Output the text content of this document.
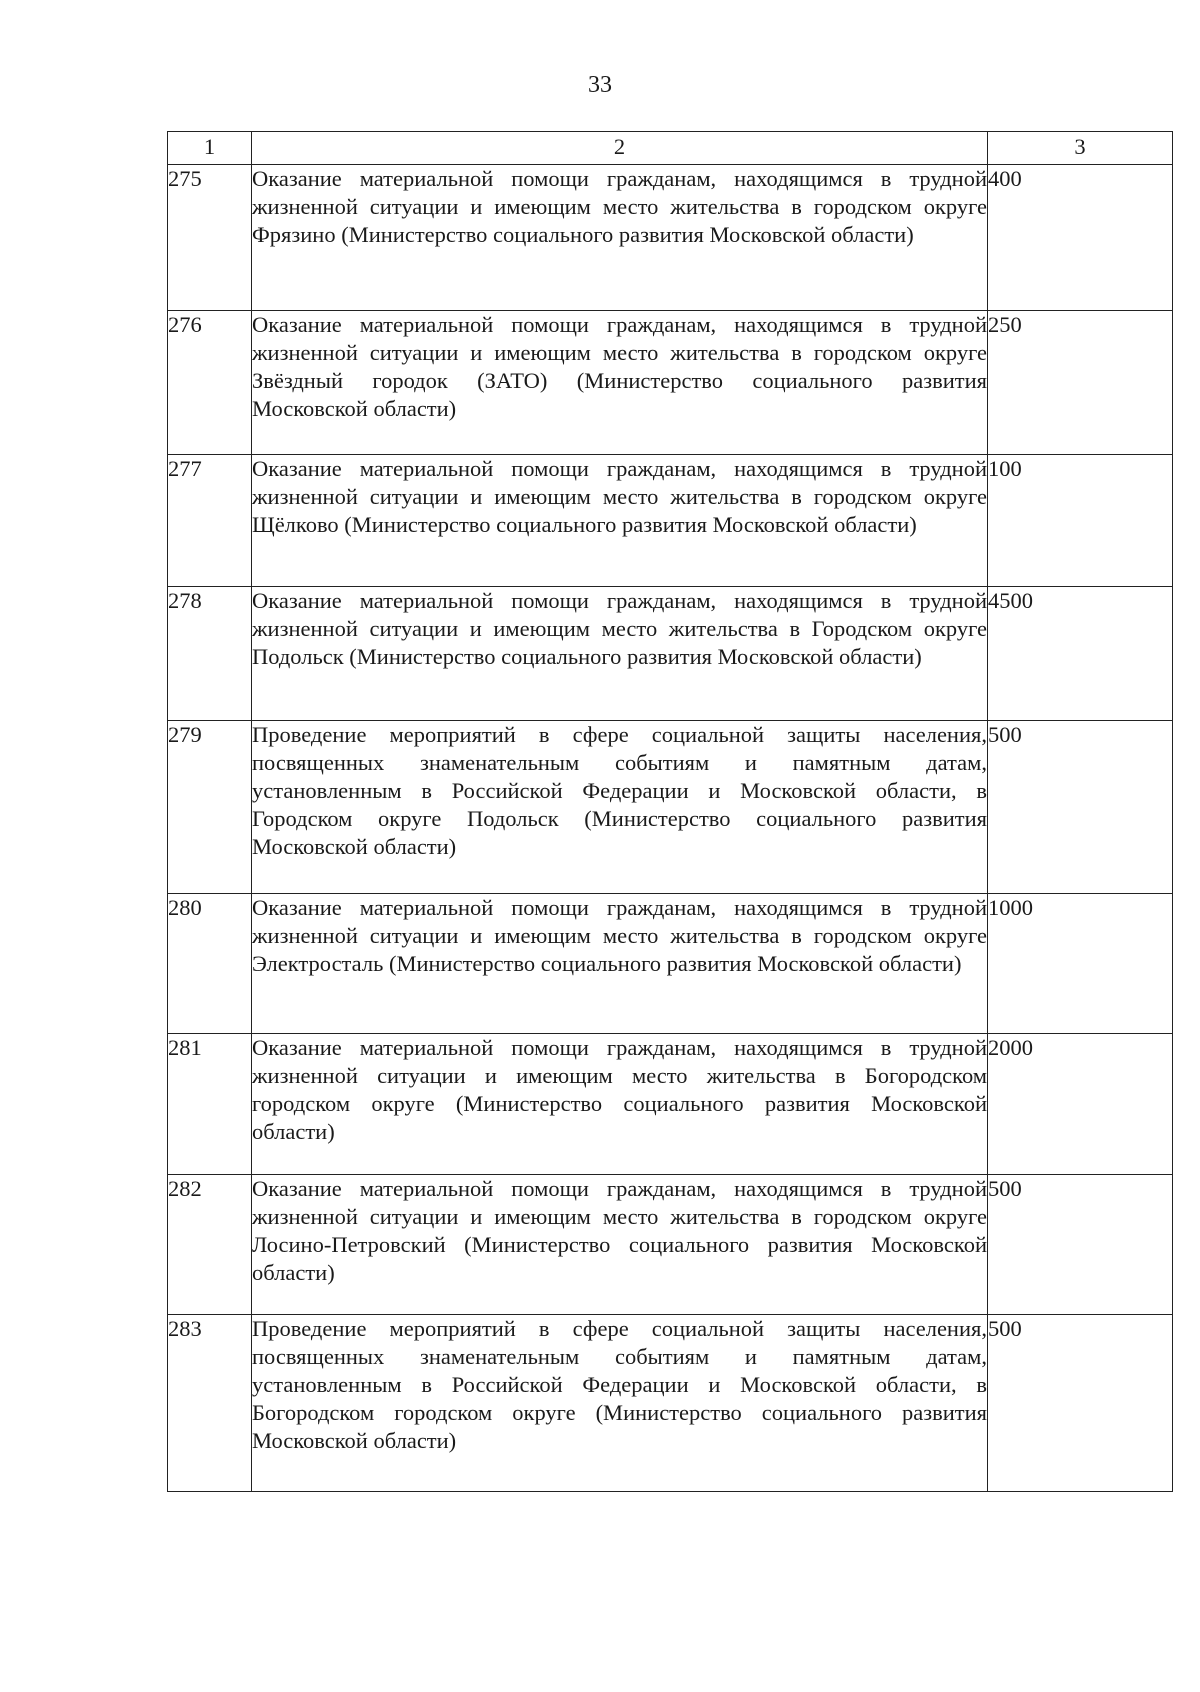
33
1	2	3
275	Оказание материальной помощи гражданам, находящимся в трудной жизненной ситуации и имеющим место жительства в городском округе Фрязино (Министерство социального развития Московской области)	400
276	Оказание материальной помощи гражданам, находящимся в трудной жизненной ситуации и имеющим место жительства в городском округе Звёздный городок (ЗАТО) (Министерство социального развития Московской области)	250
277	Оказание материальной помощи гражданам, находящимся в трудной жизненной ситуации и имеющим место жительства в городском округе Щёлково (Министерство социального развития Московской области)	100
278	Оказание материальной помощи гражданам, находящимся в трудной жизненной ситуации и имеющим место жительства в Городском округе Подольск (Министерство социального развития Московской области)	4500
279	Проведение мероприятий в сфере социальной защиты населения, посвященных знаменательным событиям и памятным датам, установленным в Российской Федерации и Московской области, в Городском округе Подольск (Министерство социального развития Московской области)	500
280	Оказание материальной помощи гражданам, находящимся в трудной жизненной ситуации и имеющим место жительства в городском округе Электросталь (Министерство социального развития Московской области)	1000
281	Оказание материальной помощи гражданам, находящимся в трудной жизненной ситуации и имеющим место жительства в Богородском городском округе (Министерство социального развития Московской области)	2000
282	Оказание материальной помощи гражданам, находящимся в трудной жизненной ситуации и имеющим место жительства в городском округе Лосино-Петровский (Министерство социального развития Московской области)	500
283	Проведение мероприятий в сфере социальной защиты населения, посвященных знаменательным событиям и памятным датам, установленным в Российской Федерации и Московской области, в Богородском городском округе (Министерство социального развития Московской области)	500
